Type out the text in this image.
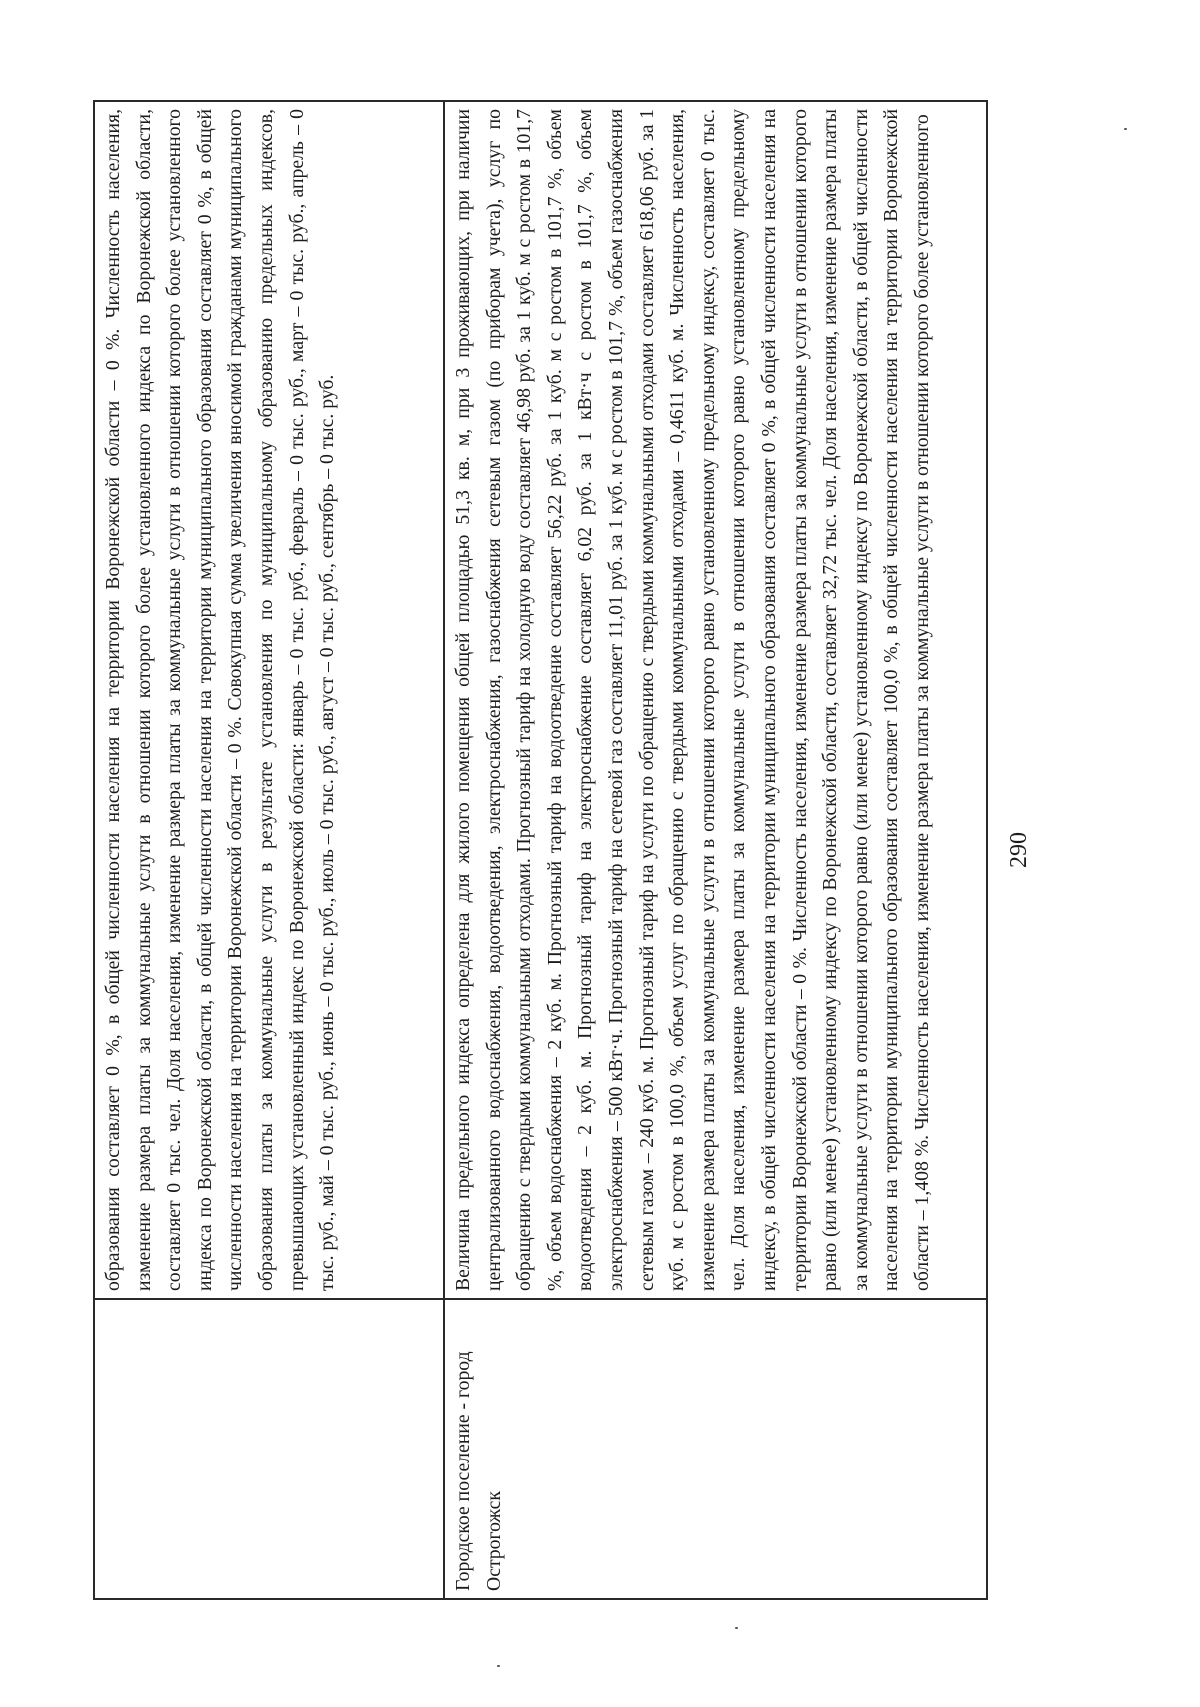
	образования составляет 0 %, в общей численности населения на территории Воронежской области – 0 %. Численность населения, изменение размера платы за коммунальные услуги в отношении которого более установленного индекса по Воронежской области, составляет 0 тыс. чел. Доля населения, изменение размера платы за коммунальные услуги в отношении которого более установленного индекса по Воронежской области, в общей численности населения на территории муниципального образования составляет 0 %, в общей численности населения на территории Воронежской области – 0 %. Совокупная сумма увеличения вносимой гражданами муниципального образования платы за коммунальные услуги в результате установления по муниципальному образованию предельных индексов, превышающих установленный индекс по Воронежской области: январь – 0 тыс. руб., февраль – 0 тыс. руб., март – 0 тыс. руб., апрель – 0 тыс. руб., май – 0 тыс. руб., июнь – 0 тыс. руб., июль – 0 тыс. руб., август – 0 тыс. руб., сентябрь – 0 тыс. руб.
Городское поселение - город Острогожск	Величина предельного индекса определена для жилого помещения общей площадью 51,3 кв. м, при 3 проживающих, при наличии централизованного водоснабжения, водоотведения, электроснабжения, газоснабжения сетевым газом (по приборам учета), услуг по обращению с твердыми коммунальными отходами. Прогнозный тариф на холодную воду составляет 46,98 руб. за 1 куб. м с ростом в 101,7 %, объем водоснабжения – 2 куб. м. Прогнозный тариф на водоотведение составляет 56,22 руб. за 1 куб. м с ростом в 101,7 %, объем водоотведения – 2 куб. м. Прогнозный тариф на электроснабжение составляет 6,02 руб. за 1 кВт·ч с ростом в 101,7 %, объем электроснабжения – 500 кВт·ч. Прогнозный тариф на сетевой газ составляет 11,01 руб. за 1 куб. м с ростом в 101,7 %, объем газоснабжения сетевым газом – 240 куб. м. Прогнозный тариф на услуги по обращению с твердыми коммунальными отходами составляет 618,06 руб. за 1 куб. м с ростом в 100,0 %, объем услуг по обращению с твердыми коммунальными отходами – 0,4611 куб. м. Численность населения, изменение размера платы за коммунальные услуги в отношении которого равно установленному предельному индексу, составляет 0 тыс. чел. Доля населения, изменение размера платы за коммунальные услуги в отношении которого равно установленному предельному индексу, в общей численности населения на территории муниципального образования составляет 0 %, в общей численности населения на территории Воронежской области – 0 %. Численность населения, изменение размера платы за коммунальные услуги в отношении которого равно (или менее) установленному индексу по Воронежской области, составляет 32,72 тыс. чел. Доля населения, изменение размера платы за коммунальные услуги в отношении которого равно (или менее) установленному индексу по Воронежской области, в общей численности населения на территории муниципального образования составляет 100,0 %, в общей численности населения на территории Воронежской области – 1,408 %. Численность населения, изменение размера платы за коммунальные услуги в отношении которого более установленного	290
